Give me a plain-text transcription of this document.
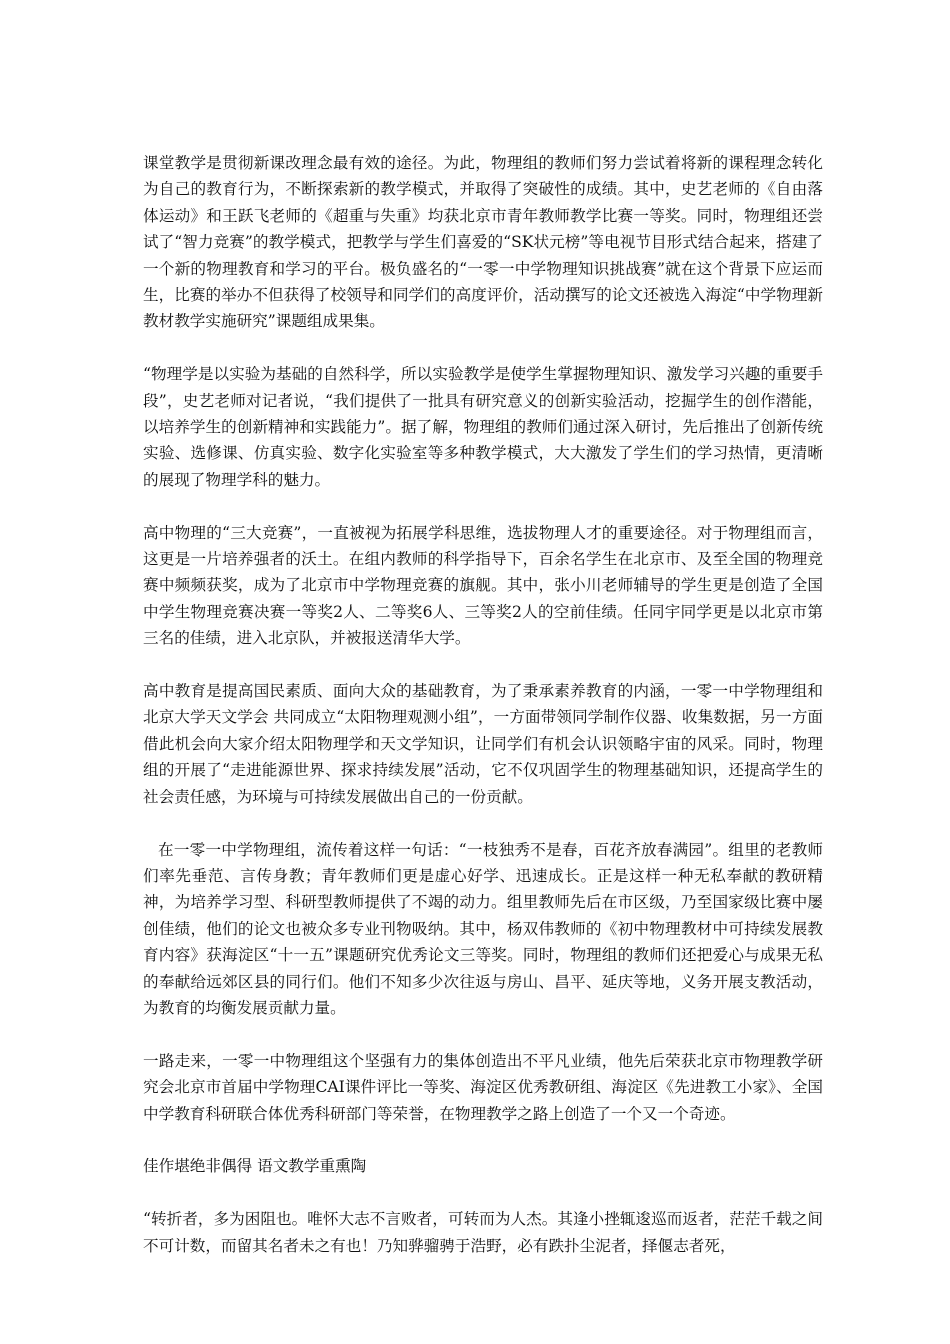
课堂教学是贯彻新课改理念最有效的途径。为此，物理组的教师们努力尝试着将新的课程理念转化为自己的教育行为，不断探索新的教学模式，并取得了突破性的成绩。其中，史艺老师的《自由落体运动》和王跃飞老师的《超重与失重》均获北京市青年教师教学比赛一等奖。同时，物理组还尝试了“智力竞赛”的教学模式，把教学与学生们喜爱的“SK状元榜”等电视节目形式结合起来，搭建了一个新的物理教育和学习的平台。极负盛名的“一零一中学物理知识挑战赛”就在这个背景下应运而生，比赛的举办不但获得了校领导和同学们的高度评价，活动撰写的论文还被选入海淀“中学物理新教材教学实施研究”课题组成果集。

“物理学是以实验为基础的自然科学，所以实验教学是使学生掌握物理知识、激发学习兴趣的重要手段”，史艺老师对记者说，“我们提供了一批具有研究意义的创新实验活动，挖掘学生的创作潜能，以培养学生的创新精神和实践能力”。据了解，物理组的教师们通过深入研讨，先后推出了创新传统实验、选修课、仿真实验、数字化实验室等多种教学模式，大大激发了学生们的学习热情，更清晰的展现了物理学科的魅力。

高中物理的“三大竞赛”，一直被视为拓展学科思维，选拔物理人才的重要途径。对于物理组而言，这更是一片培养强者的沃土。在组内教师的科学指导下，百余名学生在北京市、及至全国的物理竞赛中频频获奖，成为了北京市中学物理竞赛的旗舰。其中，张小川老师辅导的学生更是创造了全国中学生物理竞赛决赛一等奖2人、二等奖6人、三等奖2人的空前佳绩。任同宇同学更是以北京市第三名的佳绩，进入北京队，并被报送清华大学。

高中教育是提高国民素质、面向大众的基础教育，为了秉承素养教育的内涵，一零一中学物理组和北京大学天文学会 共同成立“太阳物理观测小组”，一方面带领同学制作仪器、收集数据，另一方面借此机会向大家介绍太阳物理学和天文学知识，让同学们有机会认识领略宇宙的风采。同时，物理组的开展了“走进能源世界、探求持续发展”活动，它不仅巩固学生的物理基础知识，还提高学生的社会责任感，为环境与可持续发展做出自己的一份贡献。

在一零一中学物理组，流传着这样一句话：“一枝独秀不是春，百花齐放春满园”。组里的老教师们率先垂范、言传身教；青年教师们更是虚心好学、迅速成长。正是这样一种无私奉献的教研精神，为培养学习型、科研型教师提供了不竭的动力。组里教师先后在市区级，乃至国家级比赛中屡创佳绩，他们的论文也被众多专业刊物吸纳。其中，杨双伟教师的《初中物理教材中可持续发展教育内容》获海淀区“十一五”课题研究优秀论文三等奖。同时，物理组的教师们还把爱心与成果无私的奉献给远郊区县的同行们。他们不知多少次往返与房山、昌平、延庆等地，义务开展支教活动，为教育的均衡发展贡献力量。

一路走来，一零一中物理组这个坚强有力的集体创造出不平凡业绩，他先后荣获北京市物理教学研究会北京市首届中学物理CAI课件评比一等奖、海淀区优秀教研组、海淀区《先进教工小家》、全国中学教育科研联合体优秀科研部门等荣誉，在物理教学之路上创造了一个又一个奇迹。

佳作堪绝非偶得 语文教学重熏陶

“转折者，多为困阻也。唯怀大志不言败者，可转而为人杰。其逢小挫辄逡巡而返者，茫茫千载之间不可计数，而留其名者未之有也！乃知骅骝骋于浩野，必有跌扑尘泥者，择偃志者死，
